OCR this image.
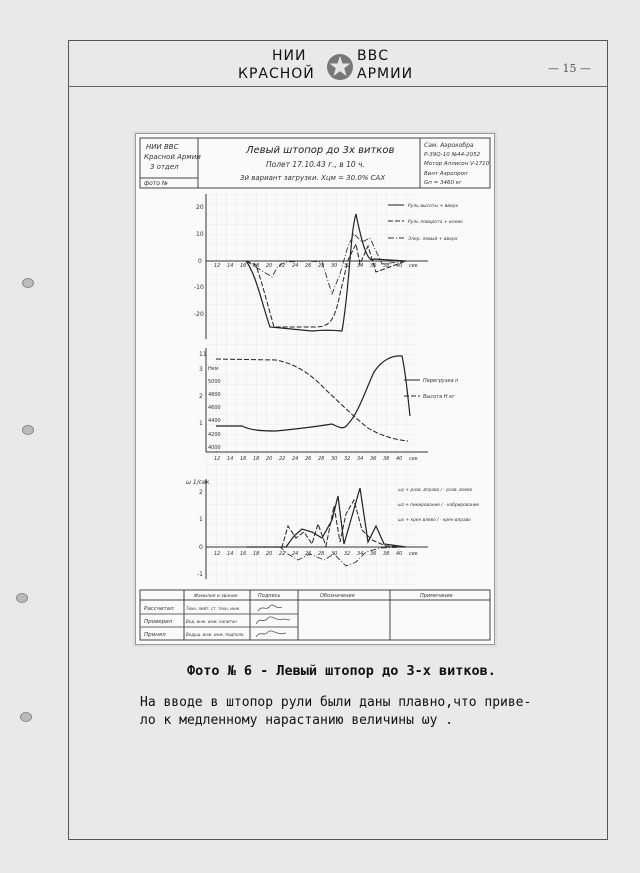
НИИ	ВВС
КРАСНОЙ	АРМИИ	— 15 —
НИИ ВВС
Красной Армии
3 отдел
фото №
Левый штопор до 3х витков
Полет 17.10.43 г., в 10 ч.
3й вариант загрузки. Xцм = 30.0% САХ
Сам. Аэрокобра
Р-39Q-10 №44-2052
Мотор Аллисон V-1710
Винт Аэропроп
Gп = 3460 кг
20
10
0
-10
-20
12 14 16 18 20 22 24 26 28 30 32 34 36 38 40 сек
Руль высоты + вверх
Руль поворота + влево
Элер. левый + вверх
11
3
2
1
Нкм
5000
4800
4600
4400
4200
4000
12 14 16 18 20 22 24 26 28 30 32 34 36 38 40 сек
Перегрузка n
Высота H кг
ω 1/сек
2
1
0
-1
12 14 16 18 20 22 24 26 28 30 32 34 36 38 40 сек
ωy + разв. вправо / - разв. влево
ωz + пикирование / - кабрирование
ωx + крен влево / - крен вправо
Фамилия и звание	Подпись	Обозначения	Примечание
Рассчитал	Техн. лейт. ст. техн. инж.
Проверил	Вед. инж. инж.-капитан
Принял	Ведущ. инж. инж.-подполк.
Фото № 6 - Левый штопор до 3-х витков.
На вводе в штопор рули были даны плавно,что приве-
ло к медленному нарастанию величины ωy .
